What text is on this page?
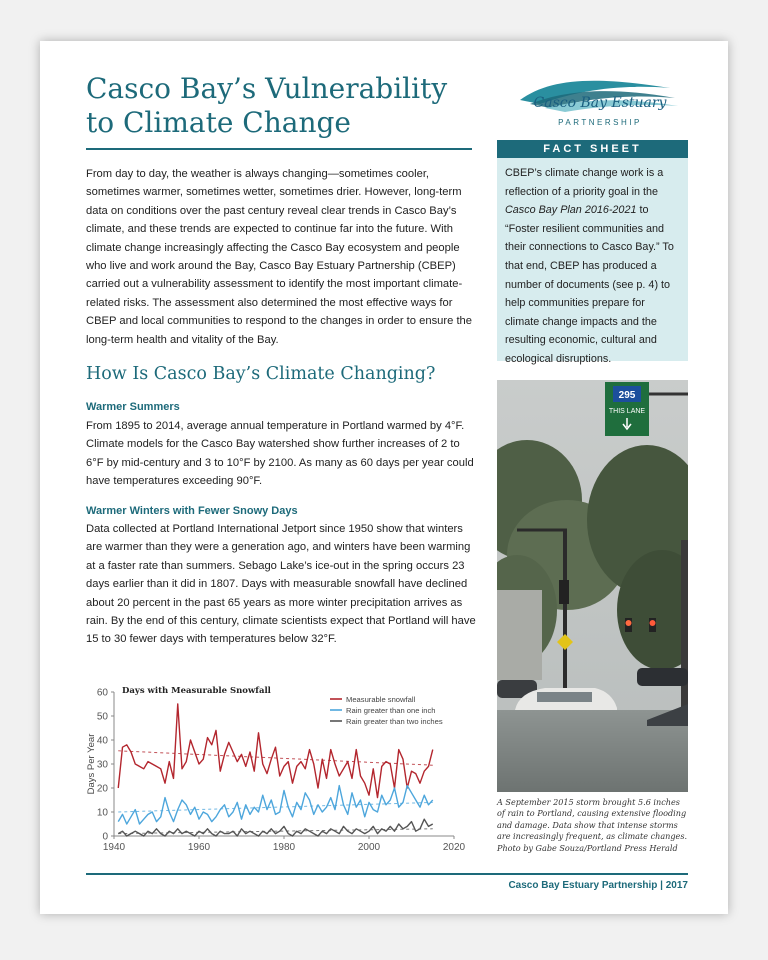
Casco Bay’s Vulnerability to Climate Change

From day to day, the weather is always changing—sometimes cooler, sometimes warmer, sometimes wetter, sometimes drier. However, long-term data on conditions over the past century reveal clear trends in Casco Bay’s climate, and these trends are expected to continue far into the future. With climate change increasingly affecting the Casco Bay ecosystem and people who live and work around the Bay, Casco Bay Estuary Partnership (CBEP) carried out a vulnerability assessment to identify the most important climate-related risks. The assessment also determined the most effective ways for CBEP and local communities to respond to the changes in order to ensure the long-term health and vitality of the Bay.

How Is Casco Bay’s Climate Changing?

Warmer Summers

From 1895 to 2014, average annual temperature in Portland warmed by 4°F. Climate models for the Casco Bay watershed show further increases of 2 to 6°F by mid-century and 3 to 10°F by 2100. As many as 60 days per year could have temperatures exceeding 90°F.

Warmer Winters with Fewer Snowy Days

Data collected at Portland International Jetport since 1950 show that winters are warmer than they were a generation ago, and winters have been warming at a faster rate than summers. Sebago Lake’s ice-out in the spring occurs 23 days earlier than it did in 1807. Days with measurable snowfall have declined about 20 percent in the past 65 years as more winter precipitation arrives as rain. By the end of this century, climate scientists expect that Portland will have 15 to 30 fewer days with temperatures below 32°F.

Casco Bay Estuary
PARTNERSHIP
FACT SHEET

CBEP’s climate change work is a reflection of a priority goal in the Casco Bay Plan 2016-2021 to “Foster resilient communities and their connections to Casco Bay.” To that end, CBEP has produced a number of documents (see p. 4) to help communities prepare for climate change impacts and the resulting economic, cultural and ecological disruptions.

295
THIS LANE
A September 2015 storm brought 5.6 inches of rain to Portland, causing extensive flooding and damage. Data show that intense storms are increasingly frequent, as climate changes. Photo by Gabe Souza/Portland Press Herald
Days Per Year
Days with Measurable Snowfall
0
10
20
30
40
50
60
1940	1960	1980	2000	2020
Measurable snowfall
Rain greater than one inch
Rain greater than two inches
Casco Bay Estuary Partnership | 2017
